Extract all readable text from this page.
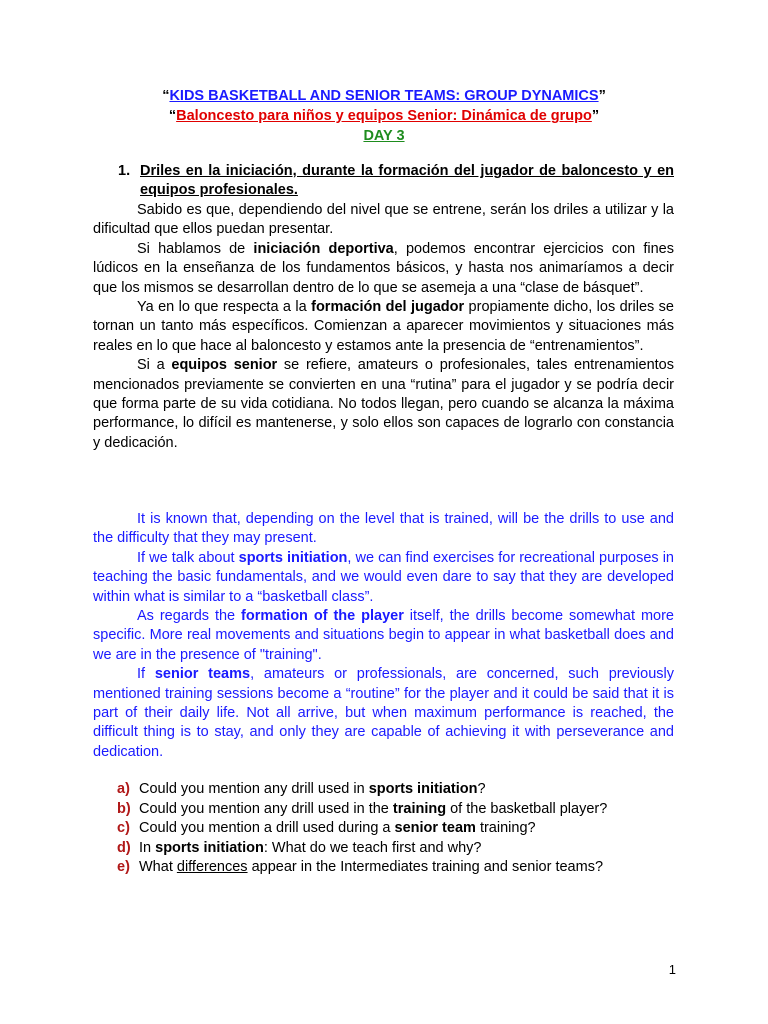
“KIDS BASKETBALL AND SENIOR TEAMS: GROUP DYNAMICS”
“Baloncesto para niños y equipos Senior: Dinámica de grupo”
DAY 3
1. Driles en la iniciación, durante la formación del jugador de baloncesto y en equipos profesionales.

Sabido es que, dependiendo del nivel que se entrene, serán los driles a utilizar y la dificultad que ellos puedan presentar.

Si hablamos de iniciación deportiva, podemos encontrar ejercicios con fines lúdicos en la enseñanza de los fundamentos básicos, y hasta nos animaríamos a decir que los mismos se desarrollan dentro de lo que se asemeja a una “clase de básquet”.

Ya en lo que respecta a la formación del jugador propiamente dicho, los driles se tornan un tanto más específicos. Comienzan a aparecer movimientos y situaciones más reales en lo que hace al baloncesto y estamos ante la presencia de “entrenamientos”.

Si a equipos senior se refiere, amateurs o profesionales, tales entrenamientos mencionados previamente se convierten en una “rutina” para el jugador y se podría decir que forma parte de su vida cotidiana. No todos llegan, pero cuando se alcanza la máxima performance, lo difícil es mantenerse, y solo ellos son capaces de lograrlo con constancia y dedicación.

It is known that, depending on the level that is trained, will be the drills to use and the difficulty that they may present.

If we talk about sports initiation, we can find exercises for recreational purposes in teaching the basic fundamentals, and we would even dare to say that they are developed within what is similar to a “basketball class”.

As regards the formation of the player itself, the drills become somewhat more specific. More real movements and situations begin to appear in what basketball does and we are in the presence of "training".

If senior teams, amateurs or professionals, are concerned, such previously mentioned training sessions become a “routine” for the player and it could be said that it is part of their daily life. Not all arrive, but when maximum performance is reached, the difficult thing is to stay, and only they are capable of achieving it with perseverance and dedication.

a) Could you mention any drill used in sports initiation?
b) Could you mention any drill used in the training of the basketball player?
c) Could you mention a drill used during a senior team training?
d) In sports initiation: What do we teach first and why?
e) What differences appear in the Intermediates training and senior teams?
1
